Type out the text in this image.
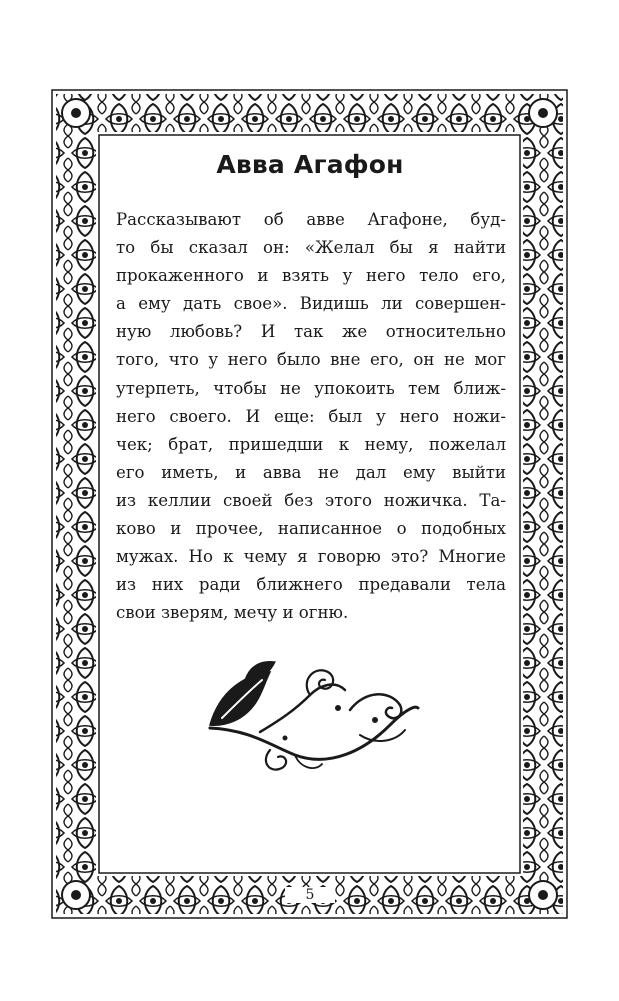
Авва Агафон
Рассказывают об авве Агафоне, буд-
то бы сказал он: «Желал бы я найти
прокаженного и взять у него тело его,
а ему дать свое». Видишь ли совершен-
ную любовь? И так же относительно
того, что у него было вне его, он не мог
утерпеть, чтобы не упокоить тем ближ-
него своего. И еще: был у него ножи-
чек; брат, пришедши к нему, пожелал
его иметь, и авва не дал ему выйти
из келлии своей без этого ножичка. Та-
ково и прочее, написанное о подобных
мужах. Но к чему я говорю это? Многие
из них ради ближнего предавали тела
свои зверям, мечу и огню.
5
